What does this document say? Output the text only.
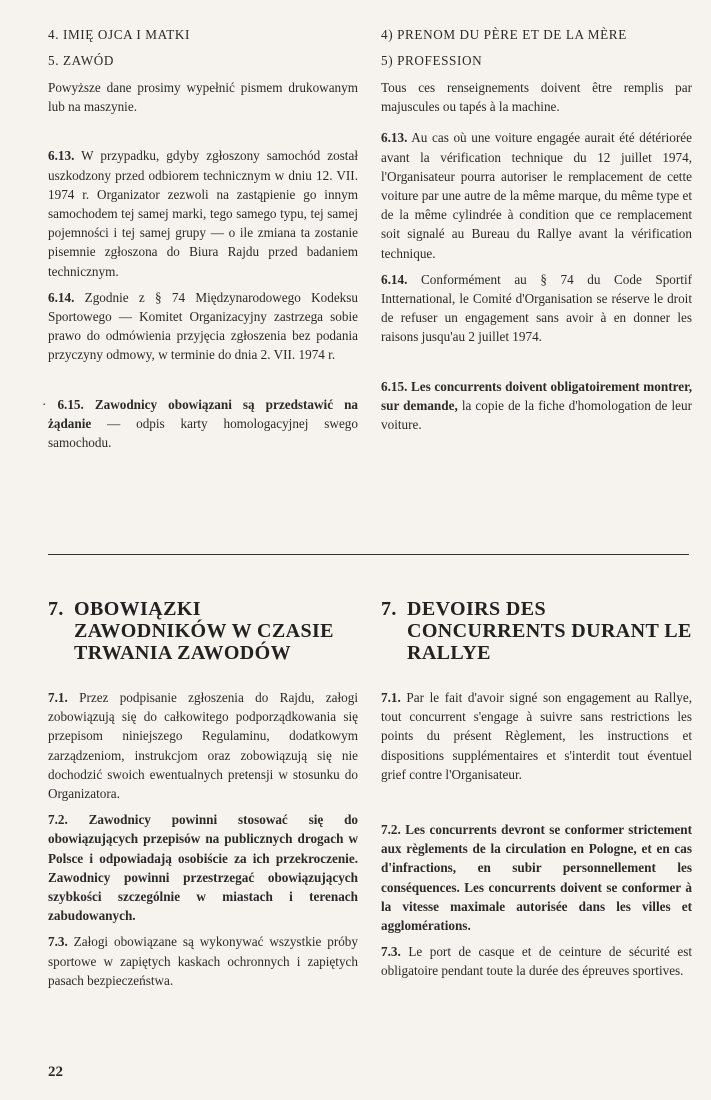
4. IMIĘ OJCA I MATKI
5. ZAWÓD

Powyższe dane prosimy wypełnić pismem drukowanym lub na maszynie.

6.13. W przypadku, gdyby zgłoszony samochód został uszkodzony przed odbiorem technicznym w dniu 12. VII. 1974 r. Organizator zezwoli na zastąpienie go innym samochodem tej samej marki, tego samego typu, tej samej pojemności i tej samej grupy — o ile zmiana ta zostanie pisemnie zgłoszona do Biura Rajdu przed badaniem technicznym.

6.14. Zgodnie z § 74 Międzynarodowego Kodeksu Sportowego — Komitet Organizacyjny zastrzega sobie prawo do odmówienia przyjęcia zgłoszenia bez podania przyczyny odmowy, w terminie do dnia 2. VII. 1974 r.

· 6.15. Zawodnicy obowiązani są przedstawić na żądanie — odpis karty homologacyjnej swego samochodu.

4) PRENOM DU PÈRE ET DE LA MÈRE
5) PROFESSION

Tous ces renseignements doivent être remplis par majuscules ou tapés à la machine.

6.13. Au cas où une voiture engagée aurait été détériorée avant la vérification technique du 12 juillet 1974, l'Organisateur pourra autoriser le remplacement de cette voiture par une autre de la même marque, du même type et de la même cylindrée à condition que ce remplacement soit signalé au Bureau du Rallye avant la vérification technique.

6.14. Conformément au § 74 du Code Sportif Intternational, le Comité d'Organisation se réserve le droit de refuser un engagement sans avoir à en donner les raisons jusqu'au 2 juillet 1974.

6.15. Les concurrents doivent obligatoirement montrer, sur demande, la copie de la fiche d'homologation de leur voiture.

7. OBOWIĄZKI ZAWODNIKÓW W CZASIE TRWANIA ZAWODÓW

7.1. Przez podpisanie zgłoszenia do Rajdu, załogi zobowiązują się do całkowitego podporządkowania się przepisom niniejszego Regulaminu, dodatkowym zarządzeniom, instrukcjom oraz zobowiązują się nie dochodzić swoich ewentualnych pretensji w stosunku do Organizatora.

7.2. Zawodnicy powinni stosować się do obowiązujących przepisów na publicznych drogach w Polsce i odpowiadają osobiście za ich przekroczenie. Zawodnicy powinni przestrzegać obowiązujących szybkości szczególnie w miastach i terenach zabudowanych.

7.3. Załogi obowiązane są wykonywać wszystkie próby sportowe w zapiętych kaskach ochronnych i zapiętych pasach bezpieczeństwa.

7. DEVOIRS DES CONCURRENTS DURANT LE RALLYE

7.1. Par le fait d'avoir signé son engagement au Rallye, tout concurrent s'engage à suivre sans restrictions les points du présent Règlement, les instructions et dispositions supplémentaires et s'interdit tout éventuel grief contre l'Organisateur.

7.2. Les concurrents devront se conformer strictement aux règlements de la circulation en Pologne, et en cas d'infractions, en subir personnellement les conséquences. Les concurrents doivent se conformer à la vitesse maximale autorisée dans les villes et agglomérations.

7.3. Le port de casque et de ceinture de sécurité est obligatoire pendant toute la durée des épreuves sportives.

22
